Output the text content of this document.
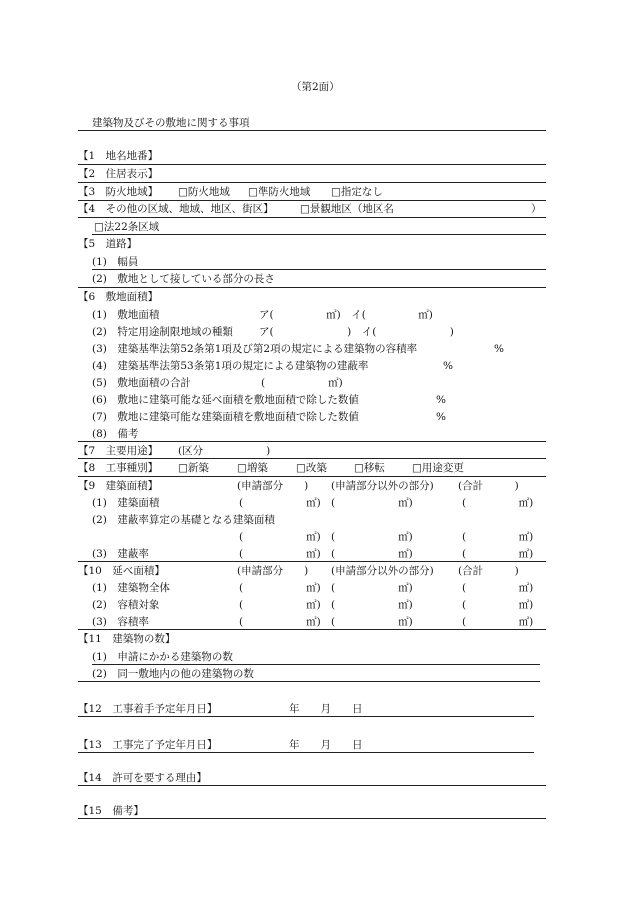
（第2面）
建築物及びその敷地に関する事項
【1　地名地番】
【2　住居表示】
【3　防火地域】 □防火地域 □準防火地域 □指定なし
【4　その他の区域、地域、地区、街区】	□景観地区（地区名	）
□法22条区域
【5　道路】
(1)　幅員
(2)　敷地として接している部分の長さ
【6　敷地面積】
(1)　敷地面積	ア(　　　　　㎡)　イ(　　　　　㎡)
(2)　特定用途制限地域の種類 ア(　　　　　　　)　イ(　　　　　　　)
(3)　建築基準法第52条第1項及び第2項の規定による建築物の容積率	%
(4)　建築基準法第53条第1項の規定による建築物の建蔽率	%
(5)　敷地面積の合計	(　　　　　　㎡)
(6)　敷地に建築可能な延べ面積を敷地面積で除した数値	%
(7)　敷地に建築可能な建築面積を敷地面積で除した数値	%
(8)　備考
【7　主要用途】 (区分　　　　　　)
【8　工事種別】 □新築	□増築	□改築	□移転	□用途変更
【9　建築面積】	(申請部分　　) (申請部分以外の部分) (合計　　　)
(1)　建築面積	(　　　　　　㎡) (　　　　　　㎡)	(　　　　　㎡)
(2)　建蔽率算定の基礎となる建築面積
(　　　　　　㎡) (　　　　　　㎡)	(　　　　　㎡)
(3)　建蔽率	(　　　　　　㎡) (　　　　　　㎡)	(　　　　　㎡)
【10　延べ面積】	(申請部分　　) (申請部分以外の部分) (合計　　　)
(1)　建築物全体	(　　　　　　㎡) (　　　　　　㎡)	(　　　　　㎡)
(2)　容積対象	(　　　　　　㎡) (　　　　　　㎡)	(　　　　　㎡)
(3)　容積率	(　　　　　　㎡) (　　　　　　㎡)	(　　　　　㎡)
【11　建築物の数】
(1)　申請にかかる建築物の数
(2)　同一敷地内の他の建築物の数
【12　工事着手予定年月日】	年　　月　　日
【13　工事完了予定年月日】	年　　月　　日
【14　許可を要する理由】
【15　備考】
